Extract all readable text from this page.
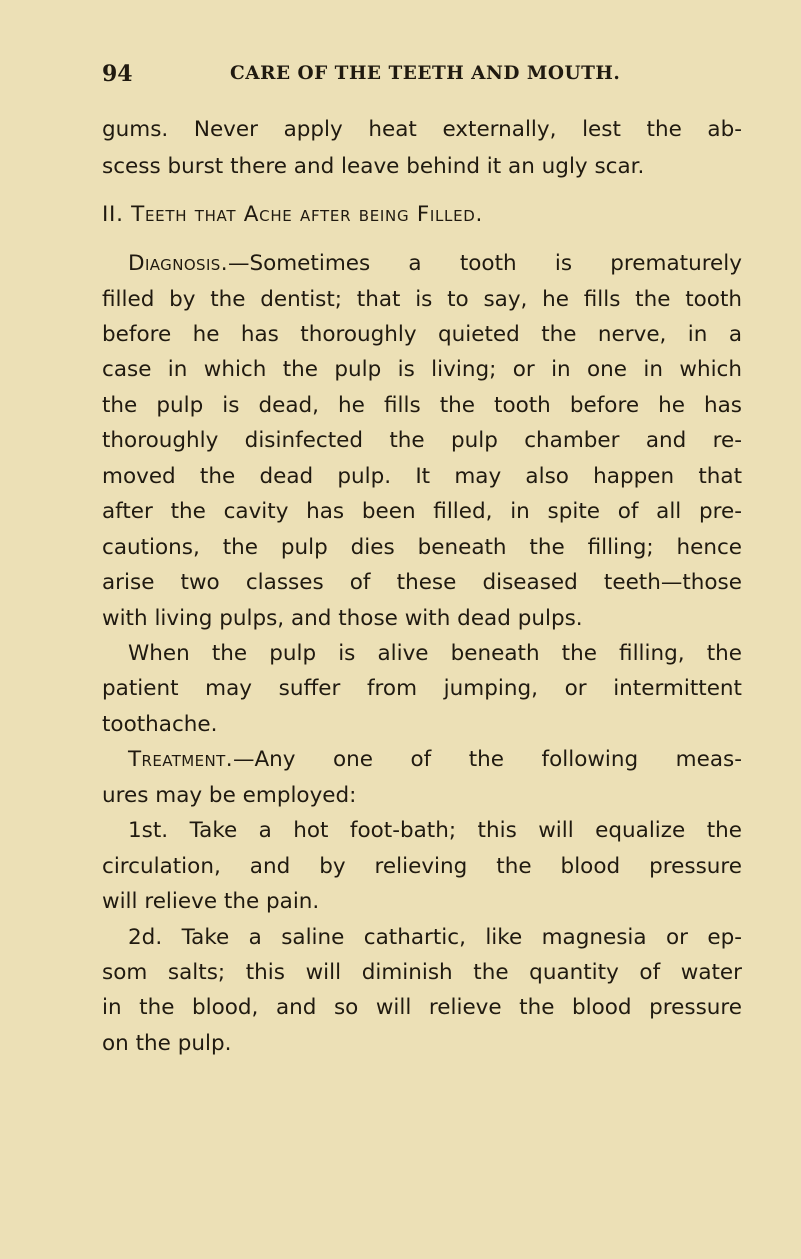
94	CARE OF THE TEETH AND MOUTH.
gums. Never apply heat externally, lest the ab-
scess burst there and leave behind it an ugly scar.
II. Teeth that Ache after being Filled.
Diagnosis.—Sometimes a tooth is prematurely
filled by the dentist; that is to say, he fills the tooth
before he has thoroughly quieted the nerve, in a
case in which the pulp is living; or in one in which
the pulp is dead, he fills the tooth before he has
thoroughly disinfected the pulp chamber and re-
moved the dead pulp. It may also happen that
after the cavity has been filled, in spite of all pre-
cautions, the pulp dies beneath the filling; hence
arise two classes of these diseased teeth—those
with living pulps, and those with dead pulps.
When the pulp is alive beneath the filling, the
patient may suffer from jumping, or intermittent
toothache.
Treatment.—Any one of the following meas-
ures may be employed:
1st. Take a hot foot-bath; this will equalize the
circulation, and by relieving the blood pressure
will relieve the pain.
2d. Take a saline cathartic, like magnesia or ep-
som salts; this will diminish the quantity of water
in the blood, and so will relieve the blood pressure
on the pulp.
